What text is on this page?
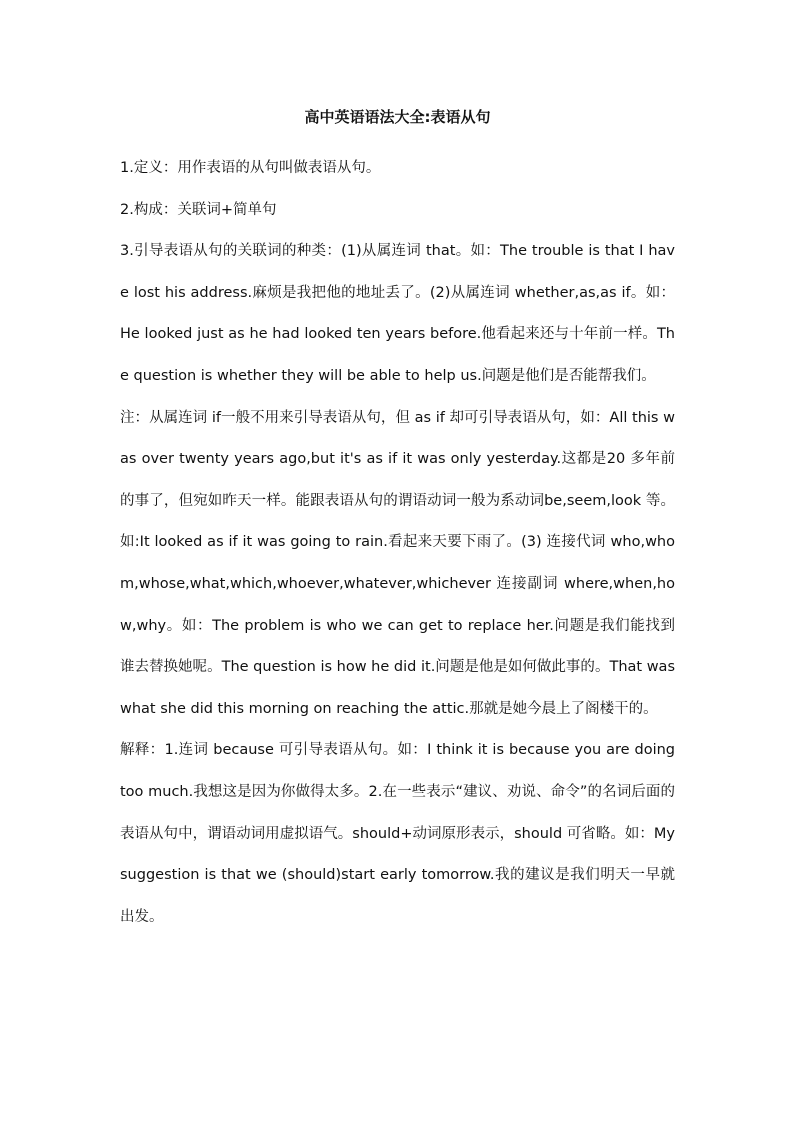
高中英语语法大全:表语从句

1.定义：用作表语的从句叫做表语从句。

2.构成：关联词+简单句

3.引导表语从句的关联词的种类：(1)从属连词 that。如：The trouble is that I have lost his address.麻烦是我把他的地址丢了。(2)从属连词 whether,as,as if。如：He looked just as he had looked ten years before.他看起来还与十年前一样。The question is whether they will be able to help us.问题是他们是否能帮我们。

注：从属连词 if一般不用来引导表语从句，但 as if 却可引导表语从句，如：All this was over twenty years ago,but it's as if it was only yesterday.这都是20 多年前的事了，但宛如昨天一样。能跟表语从句的谓语动词一般为系动词be,seem,look 等。如:It looked as if it was going to rain.看起来天要下雨了。(3) 连接代词 who,whom,whose,what,which,whoever,whatever,whichever 连接副词 where,when,how,why。如：The problem is who we can get to replace her.问题是我们能找到谁去替换她呢。The question is how he did it.问题是他是如何做此事的。That was what she did this morning on reaching the attic.那就是她今晨上了阁楼干的。

解释：1.连词 because 可引导表语从句。如：I think it is because you are doing too much.我想这是因为你做得太多。2.在一些表示“建议、劝说、命令”的名词后面的表语从句中，谓语动词用虚拟语气。should+动词原形表示，should 可省略。如：My suggestion is that we (should)start early tomorrow.我的建议是我们明天一早就出发。
